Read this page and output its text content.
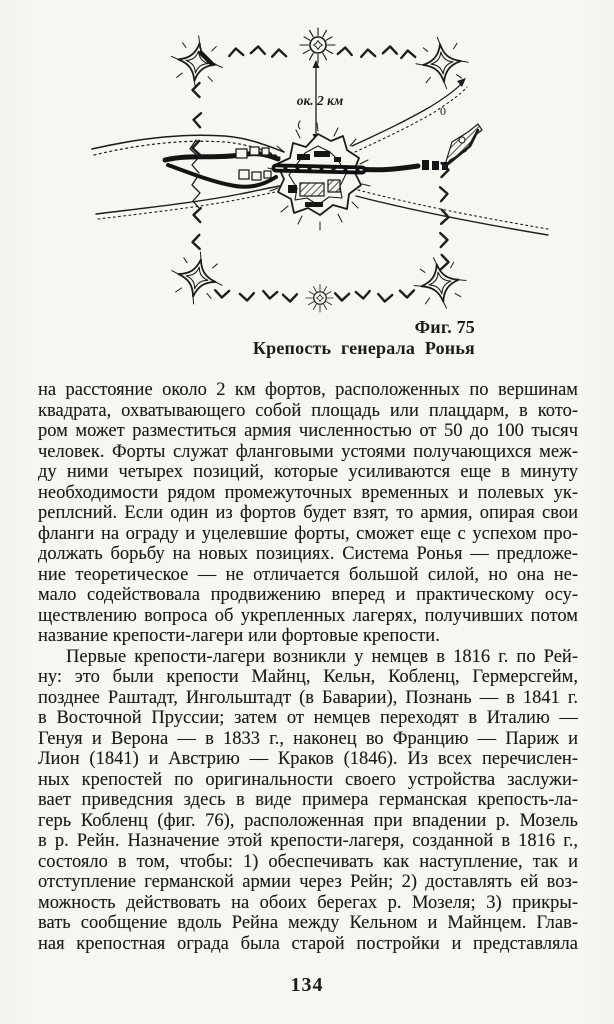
ок. 2 км
0
Фиг. 75
Крепость генерала Ронья
на расстояние около 2 км фортов, расположенных по вершинам
квадрата, охватывающего собой площадь или плацдарм, в кото-
ром может разместиться армия численностью от 50 до 100 тысяч
человек. Форты служат фланговыми устоями получающихся меж-
ду ними четырех позиций, которые усиливаются еще в минуту
необходимости рядом промежуточных временных и полевых ук-
реплсний. Если один из фортов будет взят, то армия, опирая свои
фланги на ограду и уцелевшие форты, сможет еще с успехом про-
должать борьбу на новых позициях. Система Ронья — предложе-
ние теоретическое — не отличается большой силой, но она не-
мало содействовала продвижению вперед и практическому осу-
ществлению вопроса об укрепленных лагерях, получивших потом
название крепости-лагери или фортовые крепости.
Первые крепости-лагери возникли у немцев в 1816 г. по Рей-
ну: это были крепости Майнц, Кельн, Кобленц, Гермерсгейм,
позднее Раштадт, Ингольштадт (в Баварии), Познань — в 1841 г.
в Восточной Пруссии; затем от немцев переходят в Италию —
Генуя и Верона — в 1833 г., наконец во Францию — Париж и
Лион (1841) и Австрию — Краков (1846). Из всех перечислен-
ных крепостей по оригинальности своего устройства заслужи-
вает приведсния здесь в виде примера германская крепость-ла-
герь Кобленц (фиг. 76), расположенная при впадении р. Мозель
в р. Рейн. Назначение этой крепости-лагеря, созданной в 1816 г.,
состояло в том, чтобы: 1) обеспечивать как наступление, так и
отступление германской армии через Рейн; 2) доставлять ей воз-
можность действовать на обоих берегах р. Мозеля; 3) прикры-
вать сообщение вдоль Рейна между Кельном и Майнцем. Глав-
ная крепостная ограда была старой постройки и представляла
134
